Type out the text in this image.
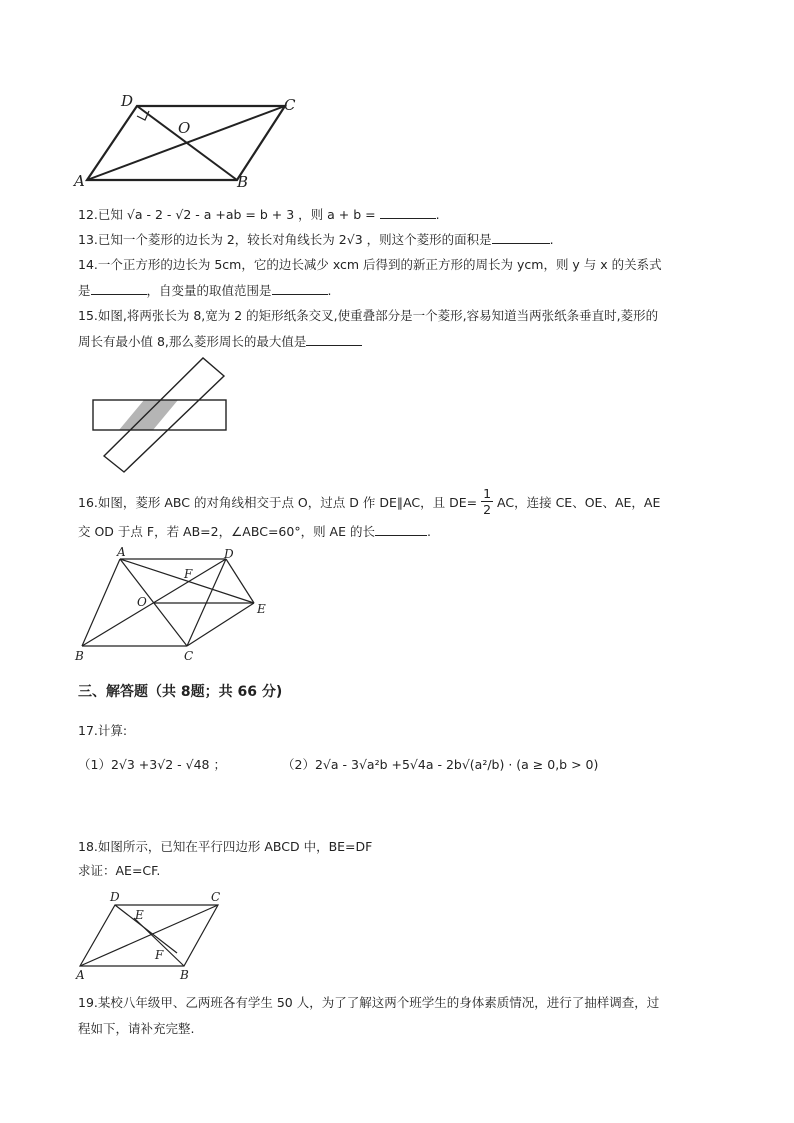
A	B
C
D
O
12.已知 √a - 2 - √2 - a +ab = b + 3 ，则 a + b =	.
13.已知一个菱形的边长为 2，较长对角线长为 2√3 ，则这个菱形的面积是	.
14.一个正方形的边长为 5cm，它的边长减少 xcm 后得到的新正方形的周长为 ycm，则 y 与 x 的关系式
是	，自变量的取值范围是	.
15.如图,将两张长为 8,宽为 2 的矩形纸条交叉,使重叠部分是一个菱形,容易知道当两张纸条垂直时,菱形的
周长有最小值 8,那么菱形周长的最大值是
16.如图，菱形 ABC 的对角线相交于点 O，过点 D 作 DE∥AC，且 $DE= \frac{1}{2}$ AC，连接 CE、OE、AE，AE
交 OD 于点 F，若 AB=2，∠ABC=60°，则 AE 的长	.
A
B	C
D
E
F
O
三、解答题（共 8题；共 66 分)
17.计算:
（1）2√3 +3√2 - √48 ；	（2）2√a - 3√a²b +5√4a - 2b√(a²/b) · (a ≥ 0,b > 0)
18.如图所示，已知在平行四边形 ABCD 中，BE=DF
求证：AE=CF.
A	B
C
D
E
F
19.某校八年级甲、乙两班各有学生 50 人，为了了解这两个班学生的身体素质情况，进行了抽样调查，过
程如下，请补充完整.
